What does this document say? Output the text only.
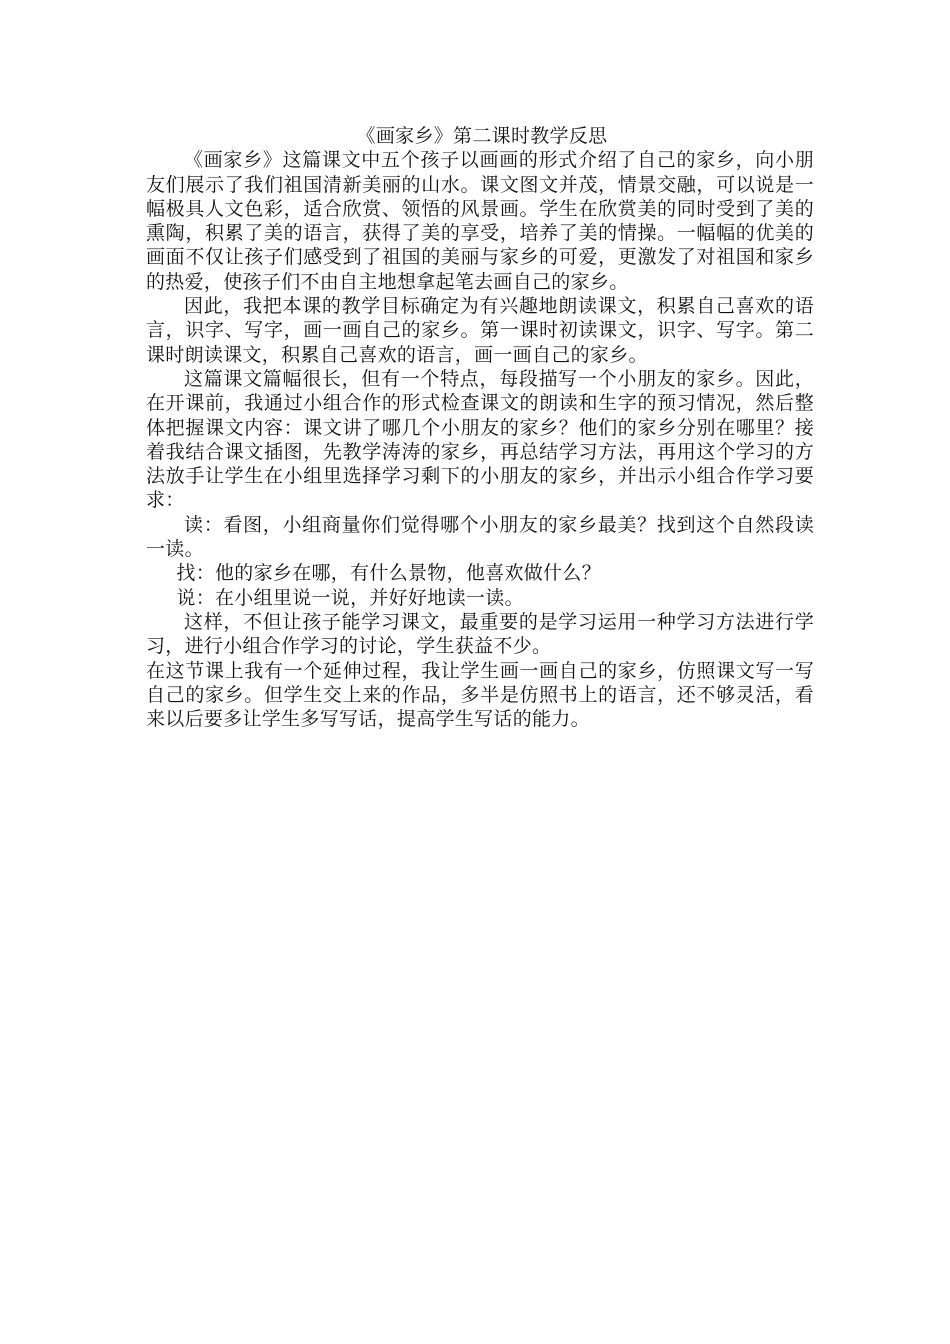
《画家乡》第二课时教学反思

《画家乡》这篇课文中五个孩子以画画的形式介绍了自己的家乡，向小朋友们展示了我们祖国清新美丽的山水。课文图文并茂，情景交融，可以说是一幅极具人文色彩，适合欣赏、领悟的风景画。学生在欣赏美的同时受到了美的熏陶，积累了美的语言，获得了美的享受，培养了美的情操。一幅幅的优美的画面不仅让孩子们感受到了祖国的美丽与家乡的可爱，更激发了对祖国和家乡的热爱，使孩子们不由自主地想拿起笔去画自己的家乡。

因此，我把本课的教学目标确定为有兴趣地朗读课文，积累自己喜欢的语言，识字、写字，画一画自己的家乡。第一课时初读课文，识字、写字。第二课时朗读课文，积累自己喜欢的语言，画一画自己的家乡。

这篇课文篇幅很长，但有一个特点，每段描写一个小朋友的家乡。因此，在开课前，我通过小组合作的形式检查课文的朗读和生字的预习情况，然后整体把握课文内容：课文讲了哪几个小朋友的家乡？他们的家乡分别在哪里？接着我结合课文插图，先教学涛涛的家乡，再总结学习方法，再用这个学习的方法放手让学生在小组里选择学习剩下的小朋友的家乡，并出示小组合作学习要求：

读：看图，小组商量你们觉得哪个小朋友的家乡最美？找到这个自然段读 一读。

找：他的家乡在哪，有什么景物，他喜欢做什么？

说：在小组里说一说，并好好地读一读。

这样，不但让孩子能学习课文，最重要的是学习运用一种学习方法进行学习，进行小组合作学习的讨论，学生获益不少。

在这节课上我有一个延伸过程，我让学生画一画自己的家乡，仿照课文写一写自己的家乡。但学生交上来的作品，多半是仿照书上的语言，还不够灵活，看来以后要多让学生多写写话，提高学生写话的能力。
